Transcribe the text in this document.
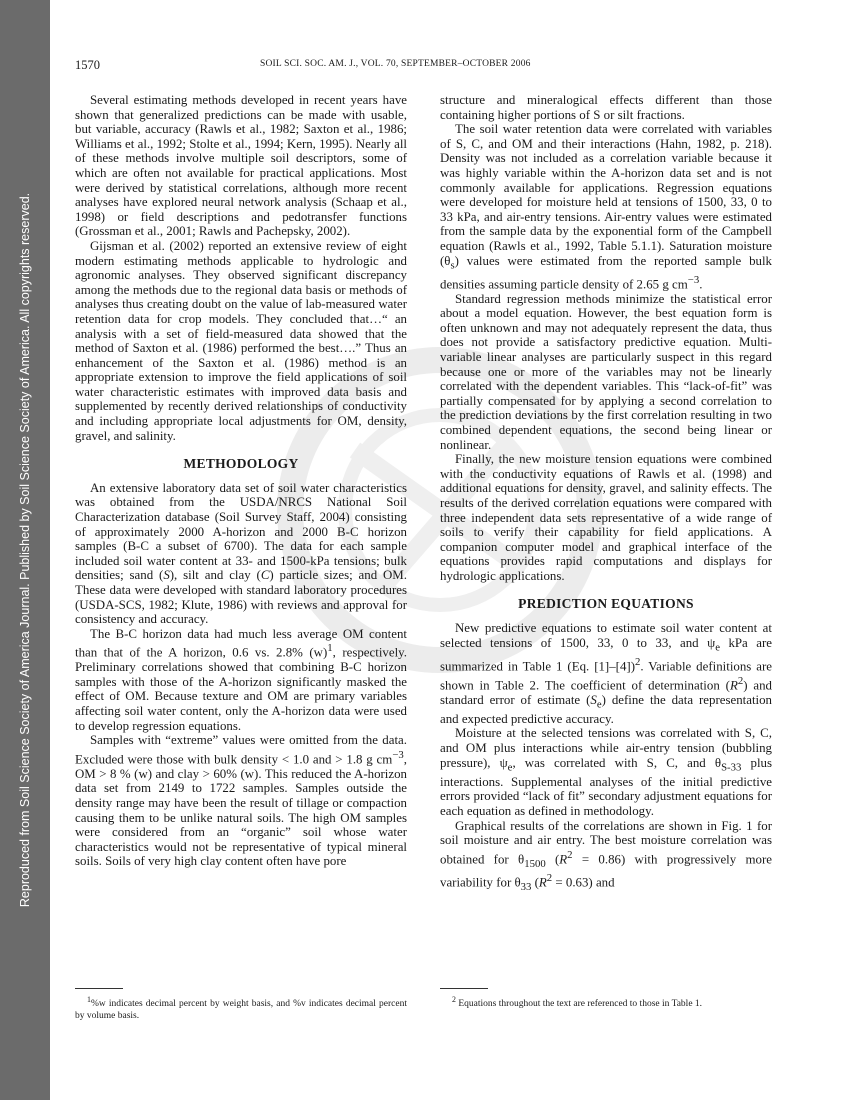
Reproduced from Soil Science Society of America Journal. Published by Soil Science Society of America. All copyrights reserved.
1570	SOIL SCI. SOC. AM. J., VOL. 70, SEPTEMBER–OCTOBER 2006

Several estimating methods developed in recent years have shown that generalized predictions can be made with usable, but variable, accuracy (Rawls et al., 1982; Saxton et al., 1986; Williams et al., 1992; Stolte et al., 1994; Kern, 1995). Nearly all of these methods involve multiple soil descriptors, some of which are often not available for practical applications. Most were derived by statistical correlations, although more recent analyses have explored neural network analysis (Schaap et al., 1998) or field descriptions and pedotransfer functions (Grossman et al., 2001; Rawls and Pachepsky, 2002).

Gijsman et al. (2002) reported an extensive review of eight modern estimating methods applicable to hydrologic and agronomic analyses. They observed significant discrepancy among the methods due to the regional data basis or methods of analyses thus creating doubt on the value of lab-measured water retention data for crop models. They concluded that…“ an analysis with a set of field-measured data showed that the method of Saxton et al. (1986) performed the best….” Thus an enhancement of the Saxton et al. (1986) method is an appropriate extension to improve the field applications of soil water characteristic estimates with improved data basis and supplemented by recently derived relationships of conductivity and including appropriate local adjustments for OM, density, gravel, and salinity.

METHODOLOGY

An extensive laboratory data set of soil water characteristics was obtained from the USDA/NRCS National Soil Characterization database (Soil Survey Staff, 2004) consisting of approximately 2000 A-horizon and 2000 B-C horizon samples (B-C a subset of 6700). The data for each sample included soil water content at 33- and 1500-kPa tensions; bulk densities; sand (S), silt and clay (C) particle sizes; and OM. These data were developed with standard laboratory procedures (USDA-SCS, 1982; Klute, 1986) with reviews and approval for consistency and accuracy.

The B-C horizon data had much less average OM content than that of the A horizon, 0.6 vs. 2.8% $(w)^1$, respectively. Preliminary correlations showed that combining B-C horizon samples with those of the A-horizon significantly masked the effect of OM. Because texture and OM are primary variables affecting soil water content, only the A-horizon data were used to develop regression equations.

Samples with “extreme” values were omitted from the data. Excluded were those with bulk density < 1.0 and > 1.8 g $cm^{-3}$, OM > 8 % (w) and clay > 60% (w). This reduced the A-horizon data set from 2149 to 1722 samples. Samples outside the density range may have been the result of tillage or compaction causing them to be unlike natural soils. The high OM samples were considered from an “organic” soil whose water characteristics would not be representative of typical mineral soils. Soils of very high clay content often have pore

structure and mineralogical effects different than those containing higher portions of S or silt fractions.

The soil water retention data were correlated with variables of S, C, and OM and their interactions (Hahn, 1982, p. 218). Density was not included as a correlation variable because it was highly variable within the A-horizon data set and is not commonly available for applications. Regression equations were developed for moisture held at tensions of 1500, 33, 0 to 33 kPa, and air-entry tensions. Air-entry values were estimated from the sample data by the exponential form of the Campbell equation (Rawls et al., 1992, Table 5.1.1). Saturation moisture $(\theta_s)$ values were estimated from the reported sample bulk densities assuming particle density of 2.65 g $cm^{-3}$.

Standard regression methods minimize the statistical error about a model equation. However, the best equation form is often unknown and may not adequately represent the data, thus does not provide a satisfactory predictive equation. Multi-variable linear analyses are particularly suspect in this regard because one or more of the variables may not be linearly correlated with the dependent variables. This “lack-of-fit” was partially compensated for by applying a second correlation to the prediction deviations by the first correlation resulting in two combined dependent equations, the second being linear or nonlinear.

Finally, the new moisture tension equations were combined with the conductivity equations of Rawls et al. (1998) and additional equations for density, gravel, and salinity effects. The results of the derived correlation equations were compared with three independent data sets representative of a wide range of soils to verify their capability for field applications. A companion computer model and graphical interface of the equations provides rapid computations and displays for hydrologic applications.

PREDICTION EQUATIONS

New predictive equations to estimate soil water content at selected tensions of 1500, 33, 0 to 33, and $\psi_e$ kPa are summarized in Table 1 (Eq. [1]–[4])$^2$. Variable definitions are shown in Table 2. The coefficient of determination $(R^2)$ and standard error of estimate $(S_e)$ define the data representation and expected predictive accuracy.

Moisture at the selected tensions was correlated with S, C, and OM plus interactions while air-entry tension (bubbling pressure), $\psi_e$, was correlated with S, C, and $\theta_{S-33}$ plus interactions. Supplemental analyses of the initial predictive errors provided “lack of fit” secondary adjustment equations for each equation as defined in methodology.

Graphical results of the correlations are shown in Fig. 1 for soil moisture and air entry. The best moisture correlation was obtained for $\theta_{1500}$ $(R^2 = 0.86)$ with progressively more variability for $\theta_{33}$ $(R^2 = 0.63)$ and

$^1$%w indicates decimal percent by weight basis, and %v indicates decimal percent by volume basis.
$^2$ Equations throughout the text are referenced to those in Table 1.
